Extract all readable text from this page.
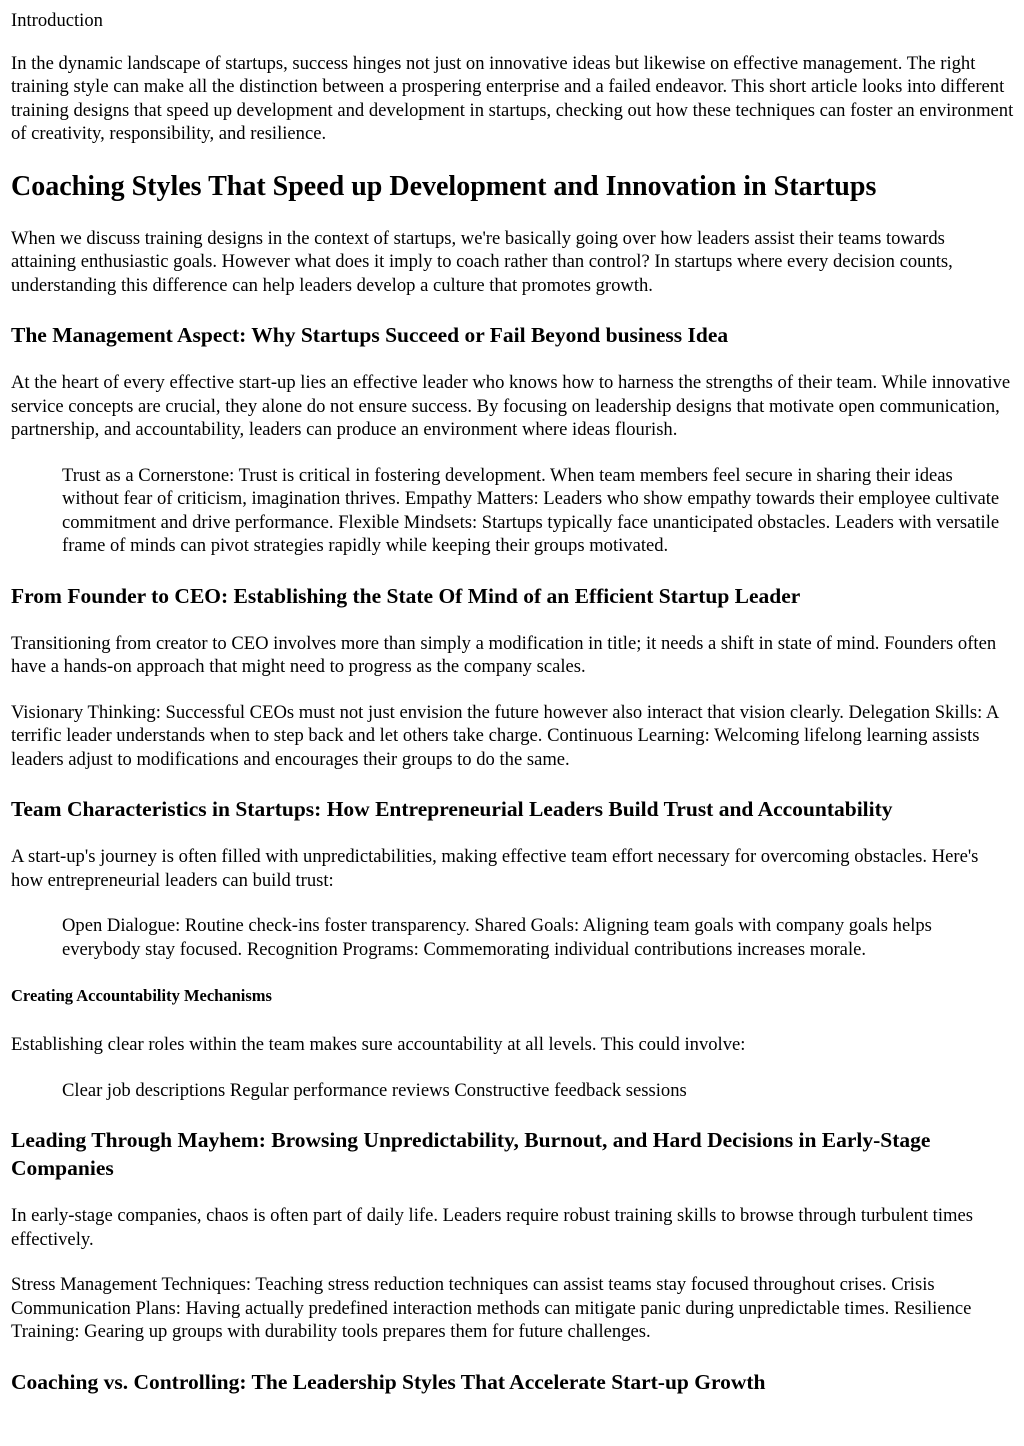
Introduction

In the dynamic landscape of startups, success hinges not just on innovative ideas but likewise on effective management. The right training style can make all the distinction between a prospering enterprise and a failed endeavor. This short article looks into different training designs that speed up development and development in startups, checking out how these techniques can foster an environment of creativity, responsibility, and resilience.

Coaching Styles That Speed up Development and Innovation in Startups

When we discuss training designs in the context of startups, we're basically going over how leaders assist their teams towards attaining enthusiastic goals. However what does it imply to coach rather than control? In startups where every decision counts, understanding this difference can help leaders develop a culture that promotes growth.

The Management Aspect: Why Startups Succeed or Fail Beyond business Idea

At the heart of every effective start-up lies an effective leader who knows how to harness the strengths of their team. While innovative service concepts are crucial, they alone do not ensure success. By focusing on leadership designs that motivate open communication, partnership, and accountability, leaders can produce an environment where ideas flourish.

Trust as a Cornerstone: Trust is critical in fostering development. When team members feel secure in sharing their ideas without fear of criticism, imagination thrives. Empathy Matters: Leaders who show empathy towards their employee cultivate commitment and drive performance. Flexible Mindsets: Startups typically face unanticipated obstacles. Leaders with versatile frame of minds can pivot strategies rapidly while keeping their groups motivated.
From Founder to CEO: Establishing the State Of Mind of an Efficient Startup Leader

Transitioning from creator to CEO involves more than simply a modification in title; it needs a shift in state of mind. Founders often have a hands-on approach that might need to progress as the company scales.

Visionary Thinking: Successful CEOs must not just envision the future however also interact that vision clearly. Delegation Skills: A terrific leader understands when to step back and let others take charge. Continuous Learning: Welcoming lifelong learning assists leaders adjust to modifications and encourages their groups to do the same.

Team Characteristics in Startups: How Entrepreneurial Leaders Build Trust and Accountability

A start-up's journey is often filled with unpredictabilities, making effective team effort necessary for overcoming obstacles. Here's how entrepreneurial leaders can build trust:

Open Dialogue: Routine check-ins foster transparency. Shared Goals: Aligning team goals with company goals helps everybody stay focused. Recognition Programs: Commemorating individual contributions increases morale.
Creating Accountability Mechanisms

Establishing clear roles within the team makes sure accountability at all levels. This could involve:

Clear job descriptions Regular performance reviews Constructive feedback sessions
Leading Through Mayhem: Browsing Unpredictability, Burnout, and Hard Decisions in Early-Stage Companies

In early-stage companies, chaos is often part of daily life. Leaders require robust training skills to browse through turbulent times effectively.

Stress Management Techniques: Teaching stress reduction techniques can assist teams stay focused throughout crises. Crisis Communication Plans: Having actually predefined interaction methods can mitigate panic during unpredictable times. Resilience Training: Gearing up groups with durability tools prepares them for future challenges.

Coaching vs. Controlling: The Leadership Styles That Accelerate Start-up Growth
